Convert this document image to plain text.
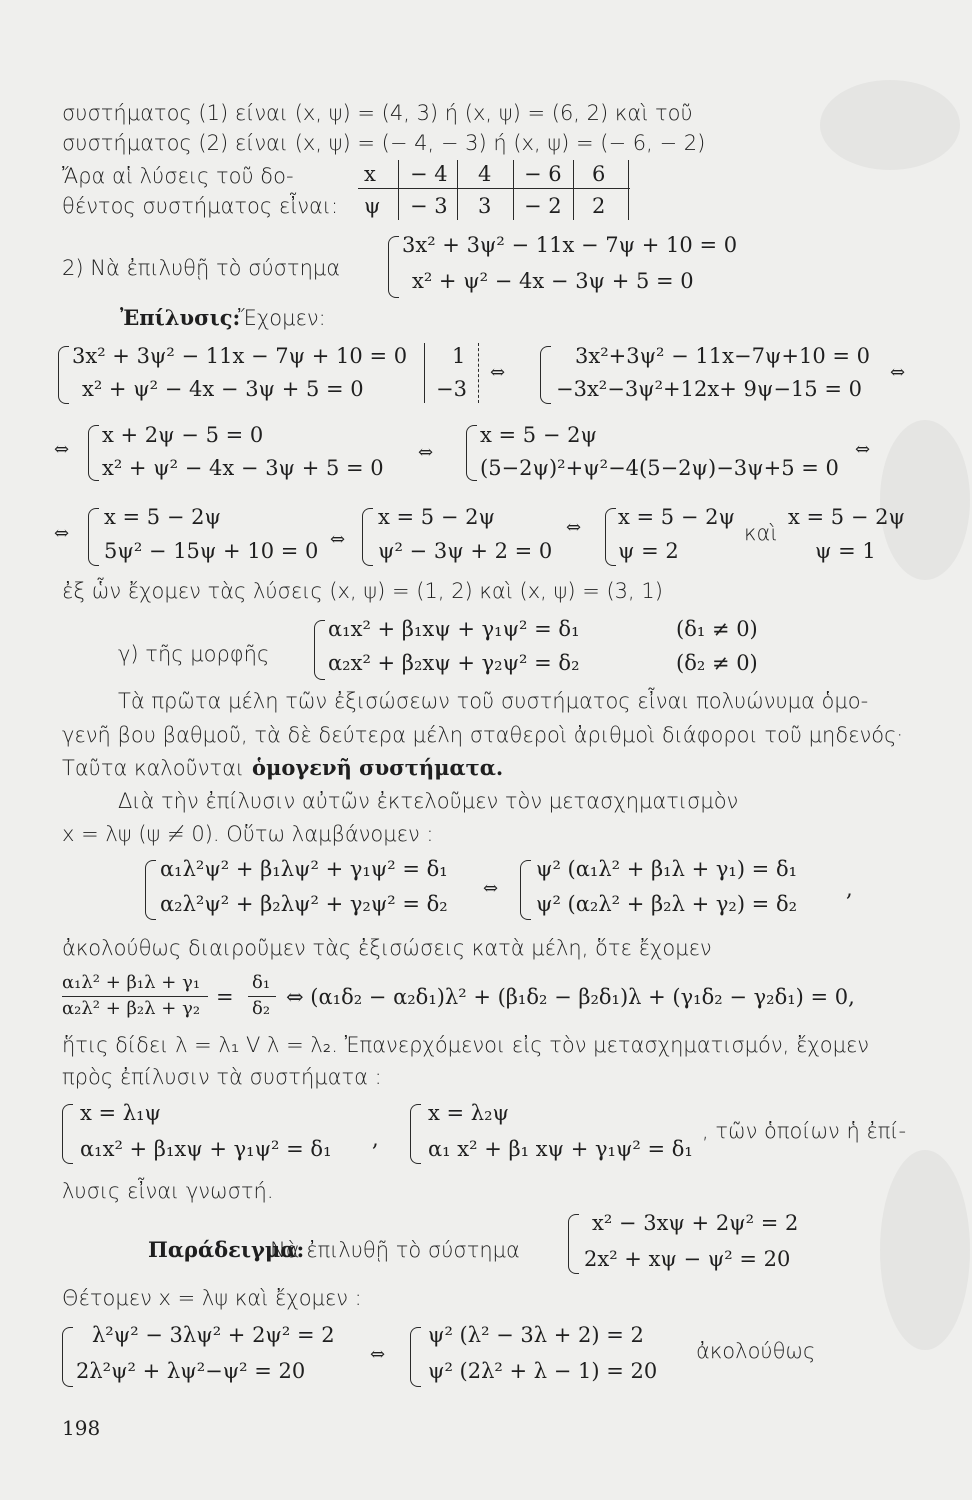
συστήματος (1) είναι (x, ψ) = (4, 3) ή (x, ψ) = (6, 2) καὶ τοῦ
συστήματος (2) είναι (x, ψ) = (− 4, − 3) ή (x, ψ) = (− 6, − 2)
Ἄρα αἱ λύσεις τοῦ δο-
θέντος συστήματος εἶναι:
x
ψ
− 4 4 − 6 6
− 3 3 − 2 2
2) Νὰ ἐπιλυθῇ τὸ σύστημα
3x² + 3ψ² − 11x − 7ψ + 10 = 0
x² + ψ² − 4x − 3ψ + 5 = 0
Ἐπίλυσις:
Ἔχομεν:
3x² + 3ψ² − 11x − 7ψ + 10 = 0
x² + ψ² − 4x − 3ψ + 5 = 0
1
−3
⇔
3x²+3ψ² − 11x−7ψ+10 = 0
−3x²−3ψ²+12x+ 9ψ−15 = 0
⇔
⇔
x + 2ψ − 5 = 0
x² + ψ² − 4x − 3ψ + 5 = 0
⇔
x = 5 − 2ψ
(5−2ψ)²+ψ²−4(5−2ψ)−3ψ+5 = 0
⇔
⇔
x = 5 − 2ψ
5ψ² − 15ψ + 10 = 0 ⇔
x = 5 − 2ψ
ψ² − 3ψ + 2 = 0
⇔ x = 5 − 2ψ
ψ = 2
καὶ
x = 5 − 2ψ
ψ = 1
ἐξ ὧν ἔχομεν τὰς λύσεις (x, ψ) = (1, 2) καὶ (x, ψ) = (3, 1)
γ) τῆς μορφῆς
α₁x² + β₁xψ + γ₁ψ² = δ₁	(δ₁ ≠ 0)
α₂x² + β₂xψ + γ₂ψ² = δ₂	(δ₂ ≠ 0)
Τὰ πρῶτα μέλη τῶν ἐξισώσεων τοῦ συστήματος εἶναι πολυώνυμα ὁμο-
γενῆ βου βαθμοῦ, τὰ δὲ δεύτερα μέλη σταθεροὶ ἀριθμοὶ διάφοροι τοῦ μηδενός·
Ταῦτα καλοῦνται ὁμογενῆ συστήματα.
Διὰ τὴν ἐπίλυσιν αὐτῶν ἐκτελοῦμεν τὸν μετασχηματισμὸν
x = λψ (ψ ≠ 0). Οὕτω λαμβάνομεν :
α₁λ²ψ² + β₁λψ² + γ₁ψ² = δ₁
α₂λ²ψ² + β₂λψ² + γ₂ψ² = δ₂
⇔
ψ² (α₁λ² + β₁λ + γ₁) = δ₁
ψ² (α₂λ² + β₂λ + γ₂) = δ₂
,
ἀκολούθως διαιροῦμεν τὰς ἐξισώσεις κατὰ μέλη, ὅτε ἔχομεν
α₁λ² + β₁λ + γ₁
α₂λ² + β₂λ + γ₂ =
δ₁
δ₂ ⇔ (α₁δ₂ − α₂δ₁)λ² + (β₁δ₂ − β₂δ₁)λ + (γ₁δ₂ − γ₂δ₁) = 0,
ἥτις δίδει λ = λ₁ V λ = λ₂. Ἐπανερχόμενοι εἰς τὸν μετασχηματισμόν, ἔχομεν
πρὸς ἐπίλυσιν τὰ συστήματα :
x = λ₁ψ
α₁x² + β₁xψ + γ₁ψ² = δ₁ ,
x = λ₂ψ
α₁ x² + β₁ xψ + γ₁ψ² = δ₁
, τῶν ὁποίων ἡ ἐπί-
λυσις εἶναι γνωστή.
Παράδειγμα:
Νὰ ἐπιλυθῇ τὸ σύστημα
x² − 3xψ + 2ψ² = 2
2x² + xψ − ψ² = 20
Θέτομεν x = λψ καὶ ἔχομεν :
λ²ψ² − 3λψ² + 2ψ² = 2
2λ²ψ² + λψ²−ψ² = 20
⇔
ψ² (λ² − 3λ + 2) = 2
ψ² (2λ² + λ − 1) = 20
ἀκολούθως
198
